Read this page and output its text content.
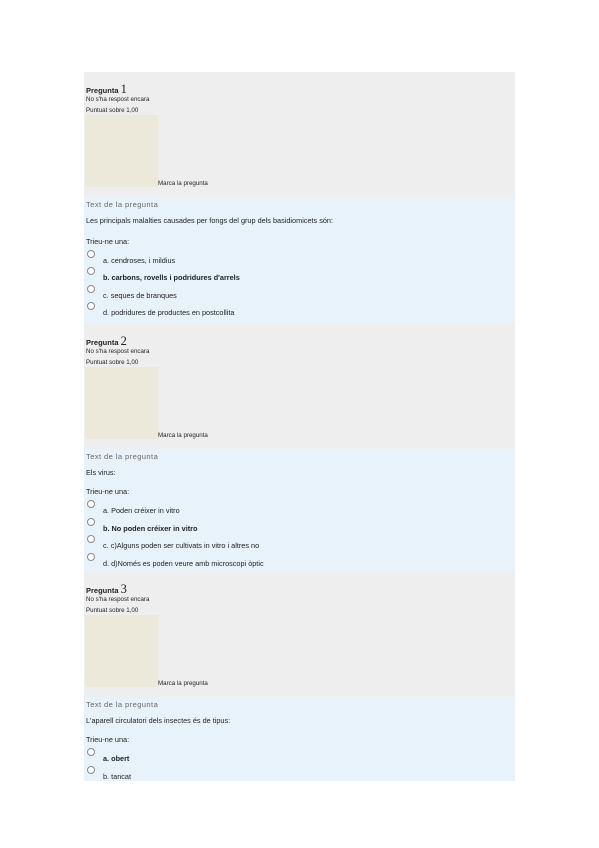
Pregunta 1
No s'ha respost encara
Puntuat sobre 1,00
Marca la pregunta
Text de la pregunta
Les principals malalties causades per fongs del grup dels basidiomicets són:
Trieu-ne una:
a. cendroses, i mildius
b. carbons, rovells i podridures d'arrels
c. seques de branques
d. podridures de productes en postcollita
Pregunta 2
No s'ha respost encara
Puntuat sobre 1,00
Marca la pregunta
Text de la pregunta
Els virus:
Trieu-ne una:
a. Poden créixer in vitro
b. No poden créixer in vitro
c. c)Alguns poden ser cultivats in vitro i altres no
d. d)Només es poden veure amb microscopi òptic
Pregunta 3
No s'ha respost encara
Puntuat sobre 1,00
Marca la pregunta
Text de la pregunta
L'aparell circulatori dels insectes és de tipus:
Trieu-ne una:
a. obert
b. tancat
